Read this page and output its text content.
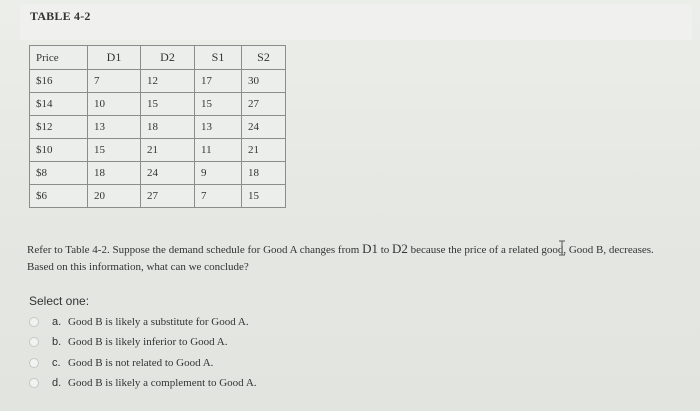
TABLE 4-2
Price	D1	D2	S1	S2
$16	7	12	17	30
$14	10	15	15	27
$12	13	18	13	24
$10	15	21	11	21
$8	18	24	9	18
$6	20	27	7	15
Refer to Table 4-2. Suppose the demand schedule for Good A changes from D1 to D2 because the price of a related good, Good B, decreases.
Based on this information, what can we conclude?
Select one:
a. Good B is likely a substitute for Good A.
b. Good B is likely inferior to Good A.
c. Good B is not related to Good A.
d. Good B is likely a complement to Good A.
